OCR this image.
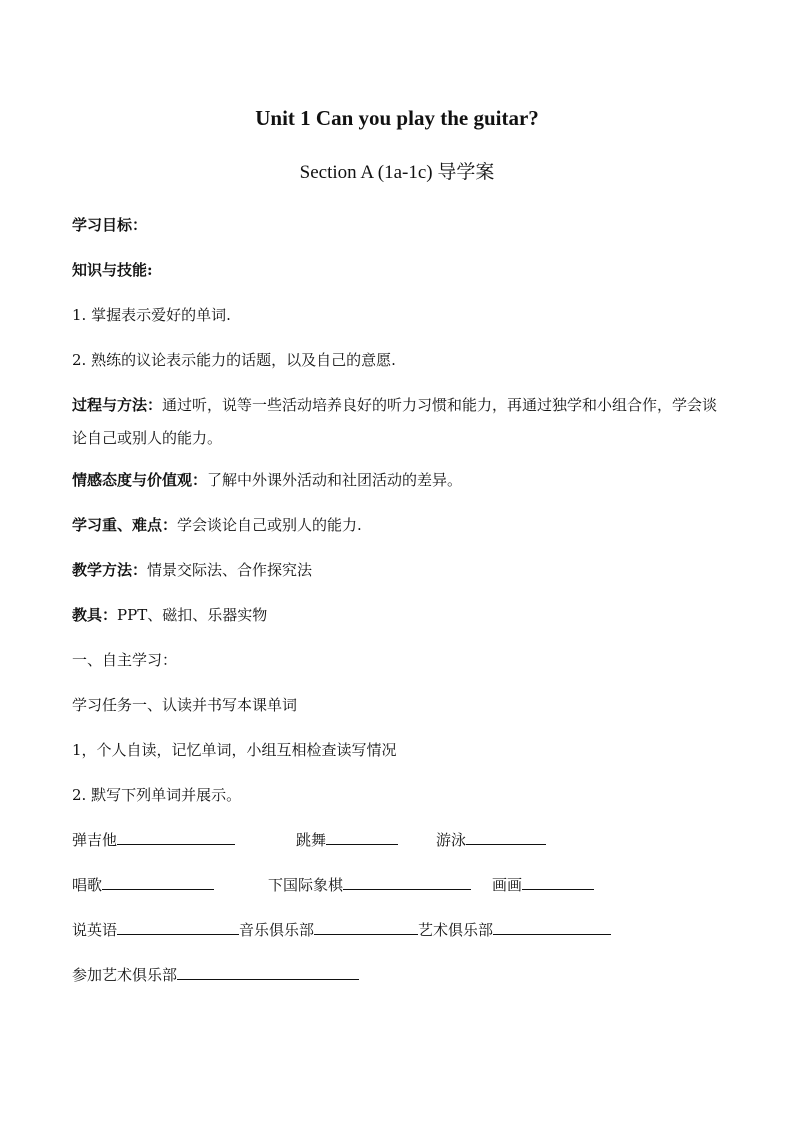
Unit 1 Can you play the guitar?
Section A (1a-1c) 导学案
学习目标：
知识与技能:
1. 掌握表示爱好的单词.
2. 熟练的议论表示能力的话题，以及自己的意愿.
过程与方法：通过听，说等一些活动培养良好的听力习惯和能力，再通过独学和小组合作，学会谈论自己或别人的能力。
情感态度与价值观：了解中外课外活动和社团活动的差异。
学习重、难点：学会谈论自己或别人的能力.
教学方法：情景交际法、合作探究法
教具：PPT、磁扣、乐器实物
一、自主学习：
学习任务一、认读并书写本课单词
1，个人自读，记忆单词，小组互相检查读写情况
2. 默写下列单词并展示。
弹吉他	跳舞	游泳
唱歌	下国际象棋	画画
说英语	音乐俱乐部	艺术俱乐部
参加艺术俱乐部
